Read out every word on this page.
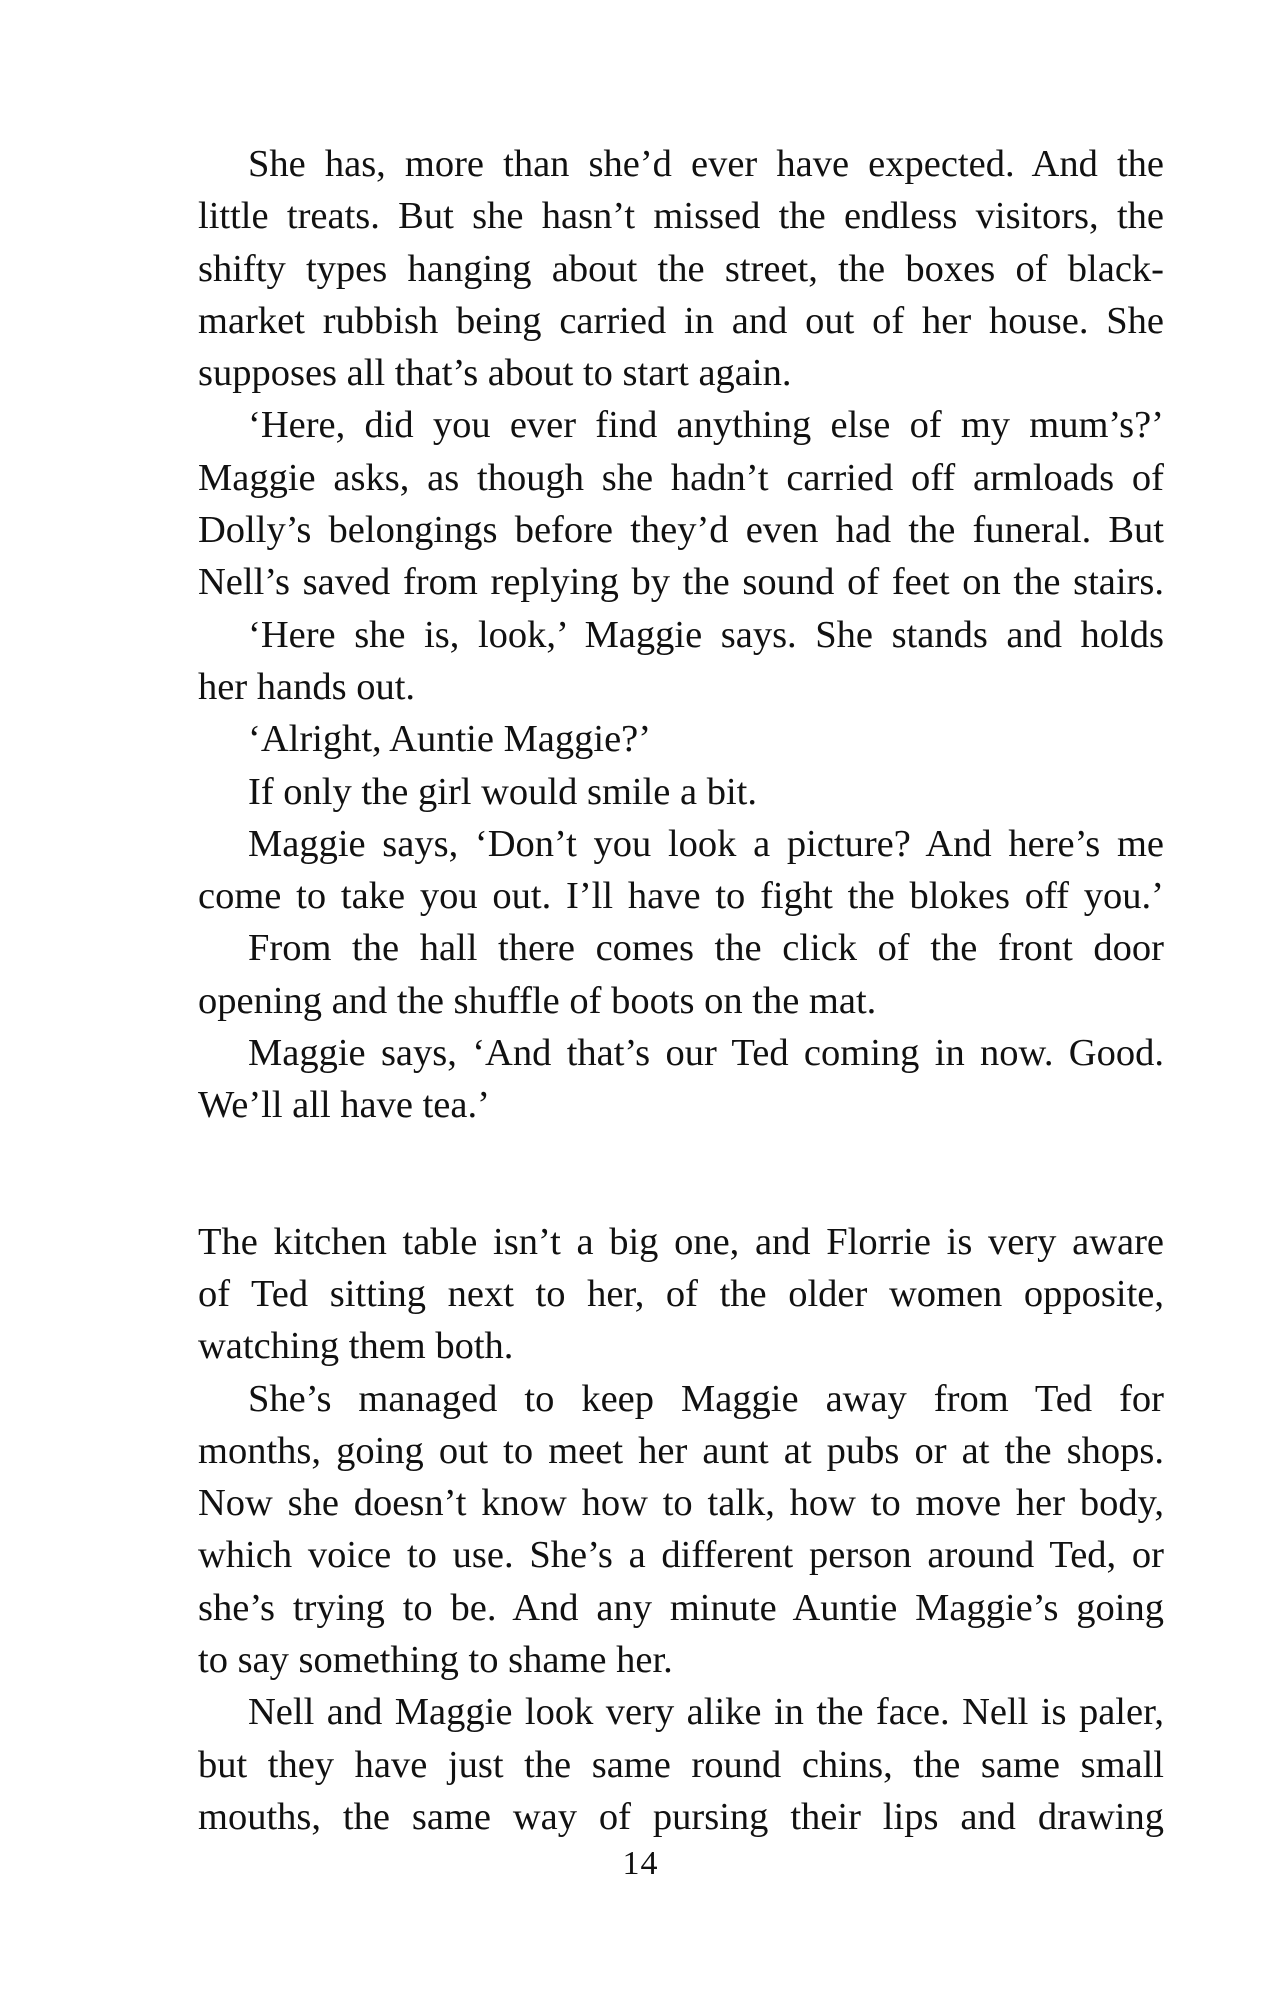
She has, more than she’d ever have expected. And the
little treats. But she hasn’t missed the endless visitors, the
shifty types hanging about the street, the boxes of black-
market rubbish being carried in and out of her house. She
supposes all that’s about to start again.
‘Here, did you ever find anything else of my mum’s?’
Maggie asks, as though she hadn’t carried off armloads of
Dolly’s belongings before they’d even had the funeral. But
Nell’s saved from replying by the sound of feet on the stairs.
‘Here she is, look,’ Maggie says. She stands and holds
her hands out.
‘Alright, Auntie Maggie?’
If only the girl would smile a bit.
Maggie says, ‘Don’t you look a picture? And here’s me
come to take you out. I’ll have to fight the blokes off you.’
From the hall there comes the click of the front door
opening and the shuffle of boots on the mat.
Maggie says, ‘And that’s our Ted coming in now. Good.
We’ll all have tea.’
The kitchen table isn’t a big one, and Florrie is very aware
of Ted sitting next to her, of the older women opposite,
watching them both.
She’s managed to keep Maggie away from Ted for
months, going out to meet her aunt at pubs or at the shops.
Now she doesn’t know how to talk, how to move her body,
which voice to use. She’s a different person around Ted, or
she’s trying to be. And any minute Auntie Maggie’s going
to say something to shame her.
Nell and Maggie look very alike in the face. Nell is paler,
but they have just the same round chins, the same small
mouths, the same way of pursing their lips and drawing
14
